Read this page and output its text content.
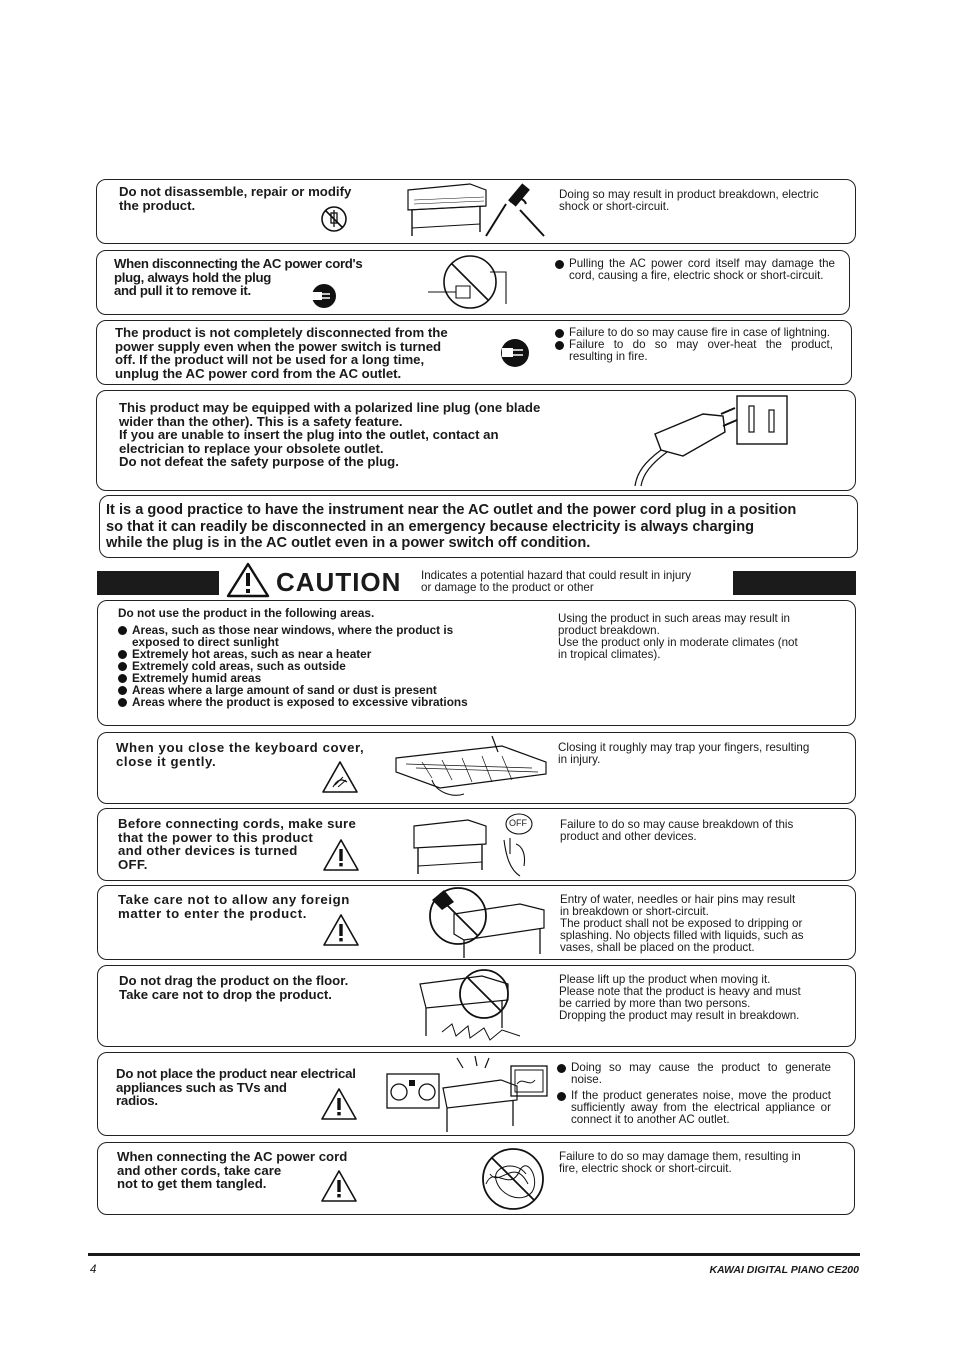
Do not disassemble, repair or modify
the product.
Doing so may result in product breakdown, electric
shock or short-circuit.
When disconnecting the AC power cord's
plug, always hold the plug
and pull it to remove it.
Pulling the AC power cord itself may damage the cord, causing a fire, electric shock or short-circuit.
The product is not completely disconnected from the
power supply even when the power switch is turned
off. If the product will not be used for a long time,
unplug the AC power cord from the AC outlet.
Failure to do so may cause fire in case of lightning.
Failure to do so may over-heat the product, resulting in fire.
This product may be equipped with a polarized line plug (one blade
wider than the other). This is a safety feature.
If you are unable to insert the plug into the outlet, contact an
electrician to replace your obsolete outlet.
Do not defeat the safety purpose of the plug.
It is a good practice to have the instrument near the AC outlet and the power cord plug in a position
so that it can readily be disconnected in an emergency because electricity is always charging
while the plug is in the AC outlet even in a power switch off condition.
CAUTION Indicates a potential hazard that could result in injury
or damage to the product or other
Do not use the product in the following areas.
Areas, such as those near windows, where the product is exposed to direct sunlight
Extremely hot areas, such as near a heater
Extremely cold areas, such as outside
Extremely humid areas
Areas where a large amount of sand or dust is present
Areas where the product is exposed to excessive vibrations
Using the product in such areas may result in
product breakdown.
Use the product only in moderate climates (not
in tropical climates).
When you close the keyboard cover,
close it gently.
Closing it roughly may trap your fingers, resulting
in injury.
Before connecting cords, make sure
that the power to this product
and other devices is turned
OFF.
OFF	Failure to do so may cause breakdown of this
product and other devices.
Take care not to allow any foreign
matter to enter the product.
Entry of water, needles or hair pins may result
in breakdown or short-circuit.
The product shall not be exposed to dripping or
splashing. No objects filled with liquids, such as
vases, shall be placed on the product.
Do not drag the product on the floor.
Take care not to drop the product.
Please lift up the product when moving it.
Please note that the product is heavy and must
be carried by more than two persons.
Dropping the product may result in breakdown.
Do not place the product near electrical
appliances such as TVs and
radios.
Doing so may cause the product to generate noise.
If the product generates noise, move the product sufficiently away from the electrical appliance or connect it to another AC outlet.
When connecting the AC power cord
and other cords, take care
not to get them tangled.
Failure to do so may damage them, resulting in
fire, electric shock or short-circuit.
4	KAWAI DIGITAL PIANO CE200
